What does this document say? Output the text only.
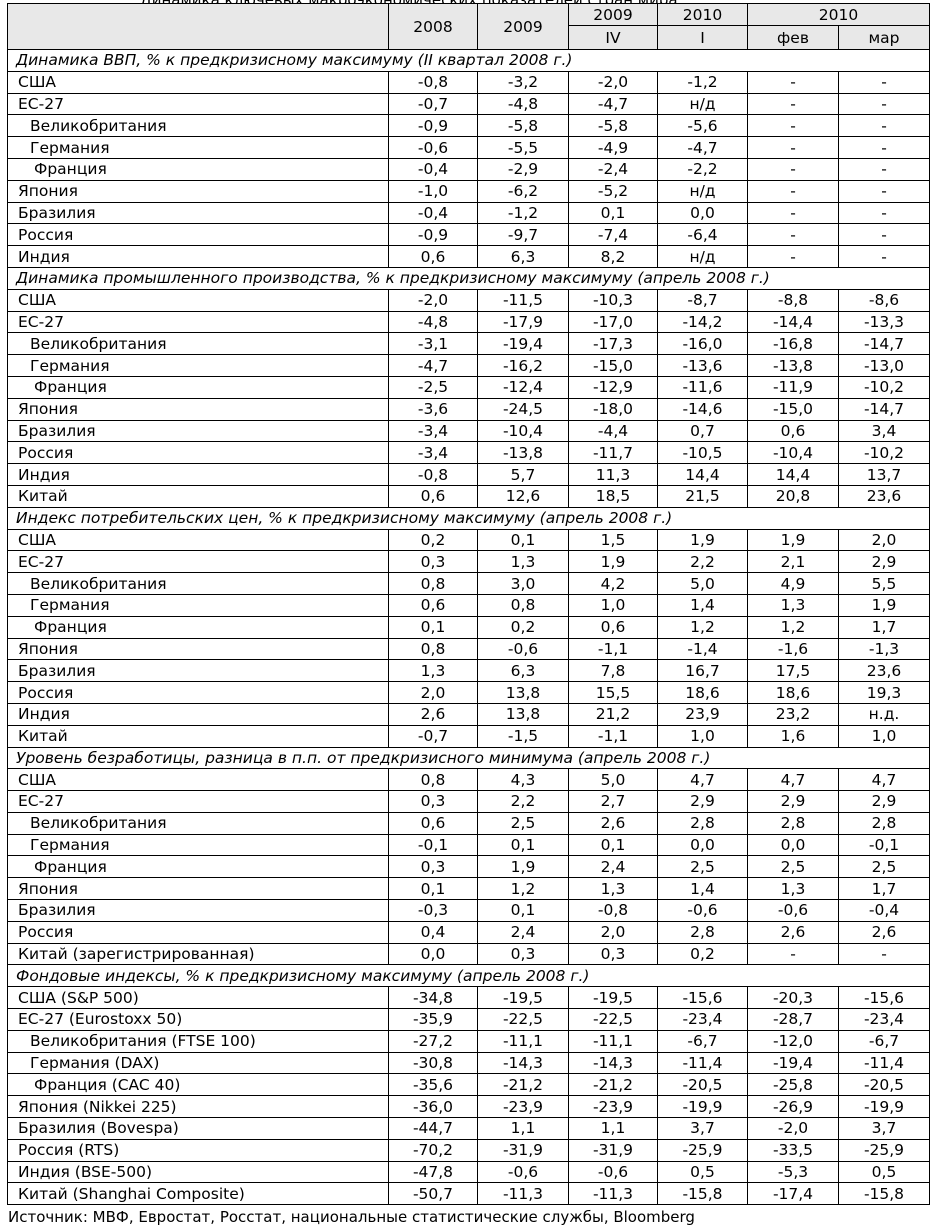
	2008	2009	2009	2010	2010	
			IV	I	фев	мар
Динамика ВВП, % к предкризисному максимуму (II квартал 2008 г.)						
США	-0,8	-3,2	-2,0	-1,2	-	-
ЕС-27	-0,7	-4,8	-4,7	н/д	-	-
Великобритания	-0,9	-5,8	-5,8	-5,6	-	-
Германия	-0,6	-5,5	-4,9	-4,7	-	-
Франция	-0,4	-2,9	-2,4	-2,2	-	-
Япония	-1,0	-6,2	-5,2	н/д	-	-
Бразилия	-0,4	-1,2	0,1	0,0	-	-
Россия	-0,9	-9,7	-7,4	-6,4	-	-
Индия	0,6	6,3	8,2	н/д	-	-
Динамика промышленного производства, % к предкризисному максимуму (апрель 2008 г.)						
США	-2,0	-11,5	-10,3	-8,7	-8,8	-8,6
ЕС-27	-4,8	-17,9	-17,0	-14,2	-14,4	-13,3
Великобритания	-3,1	-19,4	-17,3	-16,0	-16,8	-14,7
Германия	-4,7	-16,2	-15,0	-13,6	-13,8	-13,0
Франция	-2,5	-12,4	-12,9	-11,6	-11,9	-10,2
Япония	-3,6	-24,5	-18,0	-14,6	-15,0	-14,7
Бразилия	-3,4	-10,4	-4,4	0,7	0,6	3,4
Россия	-3,4	-13,8	-11,7	-10,5	-10,4	-10,2
Индия	-0,8	5,7	11,3	14,4	14,4	13,7
Китай	0,6	12,6	18,5	21,5	20,8	23,6
Индекс потребительских цен, % к предкризисному максимуму (апрель 2008 г.)						
США	0,2	0,1	1,5	1,9	1,9	2,0
ЕС-27	0,3	1,3	1,9	2,2	2,1	2,9
Великобритания	0,8	3,0	4,2	5,0	4,9	5,5
Германия	0,6	0,8	1,0	1,4	1,3	1,9
Франция	0,1	0,2	0,6	1,2	1,2	1,7
Япония	0,8	-0,6	-1,1	-1,4	-1,6	-1,3
Бразилия	1,3	6,3	7,8	16,7	17,5	23,6
Россия	2,0	13,8	15,5	18,6	18,6	19,3
Индия	2,6	13,8	21,2	23,9	23,2	н.д.
Китай	-0,7	-1,5	-1,1	1,0	1,6	1,0
Уровень безработицы, разница в п.п. от предкризисного минимума (апрель 2008 г.)						
США	0,8	4,3	5,0	4,7	4,7	4,7
ЕС-27	0,3	2,2	2,7	2,9	2,9	2,9
Великобритания	0,6	2,5	2,6	2,8	2,8	2,8
Германия	-0,1	0,1	0,1	0,0	0,0	-0,1
Франция	0,3	1,9	2,4	2,5	2,5	2,5
Япония	0,1	1,2	1,3	1,4	1,3	1,7
Бразилия	-0,3	0,1	-0,8	-0,6	-0,6	-0,4
Россия	0,4	2,4	2,0	2,8	2,6	2,6
Китай (зарегистрированная)	0,0	0,3	0,3	0,2	-	-
Фондовые индексы, % к предкризисному максимуму (апрель 2008 г.)						
США (S&P 500)	-34,8	-19,5	-19,5	-15,6	-20,3	-15,6
ЕС-27 (Eurostoxx 50)	-35,9	-22,5	-22,5	-23,4	-28,7	-23,4
Великобритания (FTSE 100)	-27,2	-11,1	-11,1	-6,7	-12,0	-6,7
Германия (DAX)	-30,8	-14,3	-14,3	-11,4	-19,4	-11,4
Франция (CAC 40)	-35,6	-21,2	-21,2	-20,5	-25,8	-20,5
Япония (Nikkei 225)	-36,0	-23,9	-23,9	-19,9	-26,9	-19,9
Бразилия (Bovespa)	-44,7	1,1	1,1	3,7	-2,0	3,7
Россия (RTS)	-70,2	-31,9	-31,9	-25,9	-33,5	-25,9
Индия (BSE-500)	-47,8	-0,6	-0,6	0,5	-5,3	0,5
Китай (Shanghai Composite)	-50,7	-11,3	-11,3	-15,8	-17,4	-15,8
Источник: МВФ, Евростат, Росстат, национальные статистические службы, Bloomberg
